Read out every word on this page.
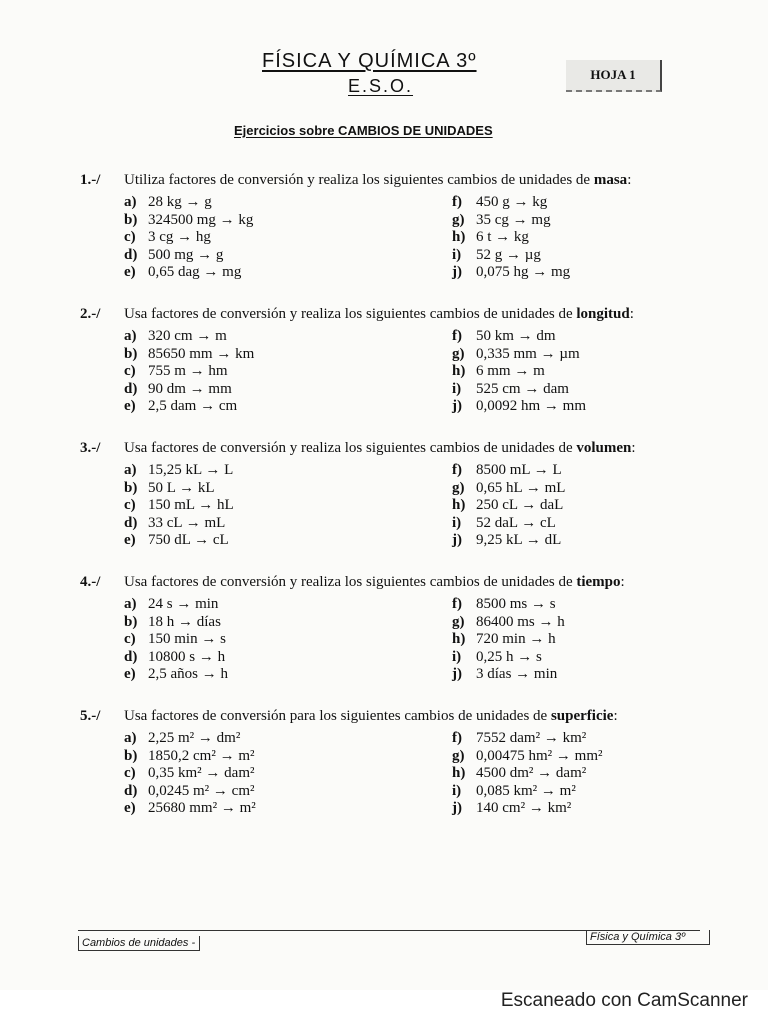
FÍSICA Y QUÍMICA 3º
E.S.O.
HOJA 1
Ejercicios sobre CAMBIOS DE UNIDADES
1.-/ Utiliza factores de conversión y realiza los siguientes cambios de unidades de masa:
a) 28 kg → g
b) 324500 mg → kg
c) 3 cg → hg
d) 500 mg → g
e) 0,65 dag → mg
f) 450 g → kg
g) 35 cg → mg
h) 6 t → kg
i) 52 g → µg
j) 0,075 hg → mg
2.-/ Usa factores de conversión y realiza los siguientes cambios de unidades de longitud:
a) 320 cm → m
b) 85650 mm → km
c) 755 m → hm
d) 90 dm → mm
e) 2,5 dam → cm
f) 50 km → dm
g) 0,335 mm → µm
h) 6 mm → m
i) 525 cm → dam
j) 0,0092 hm → mm
3.-/ Usa factores de conversión y realiza los siguientes cambios de unidades de volumen:
a) 15,25 kL → L
b) 50 L → kL
c) 150 mL → hL
d) 33 cL → mL
e) 750 dL → cL
f) 8500 mL → L
g) 0,65 hL → mL
h) 250 cL → daL
i) 52 daL → cL
j) 9,25 kL → dL
4.-/ Usa factores de conversión y realiza los siguientes cambios de unidades de tiempo:
a) 24 s → min
b) 18 h → días
c) 150 min → s
d) 10800 s → h
e) 2,5 años → h
f) 8500 ms → s
g) 86400 ms → h
h) 720 min → h
i) 0,25 h → s
j) 3 días → min
5.-/ Usa factores de conversión para los siguientes cambios de unidades de superficie:
a) 2,25 m² → dm²
b) 1850,2 cm² → m²
c) 0,35 km² → dam²
d) 0,0245 m² → cm²
e) 25680 mm² → m²
f) 7552 dam² → km²
g) 0,00475 hm² → mm²
h) 4500 dm² → dam²
i) 0,085 km² → m²
j) 140 cm² → km²
Cambios de unidades -	Física y Química 3º
Escaneado con CamScanner
